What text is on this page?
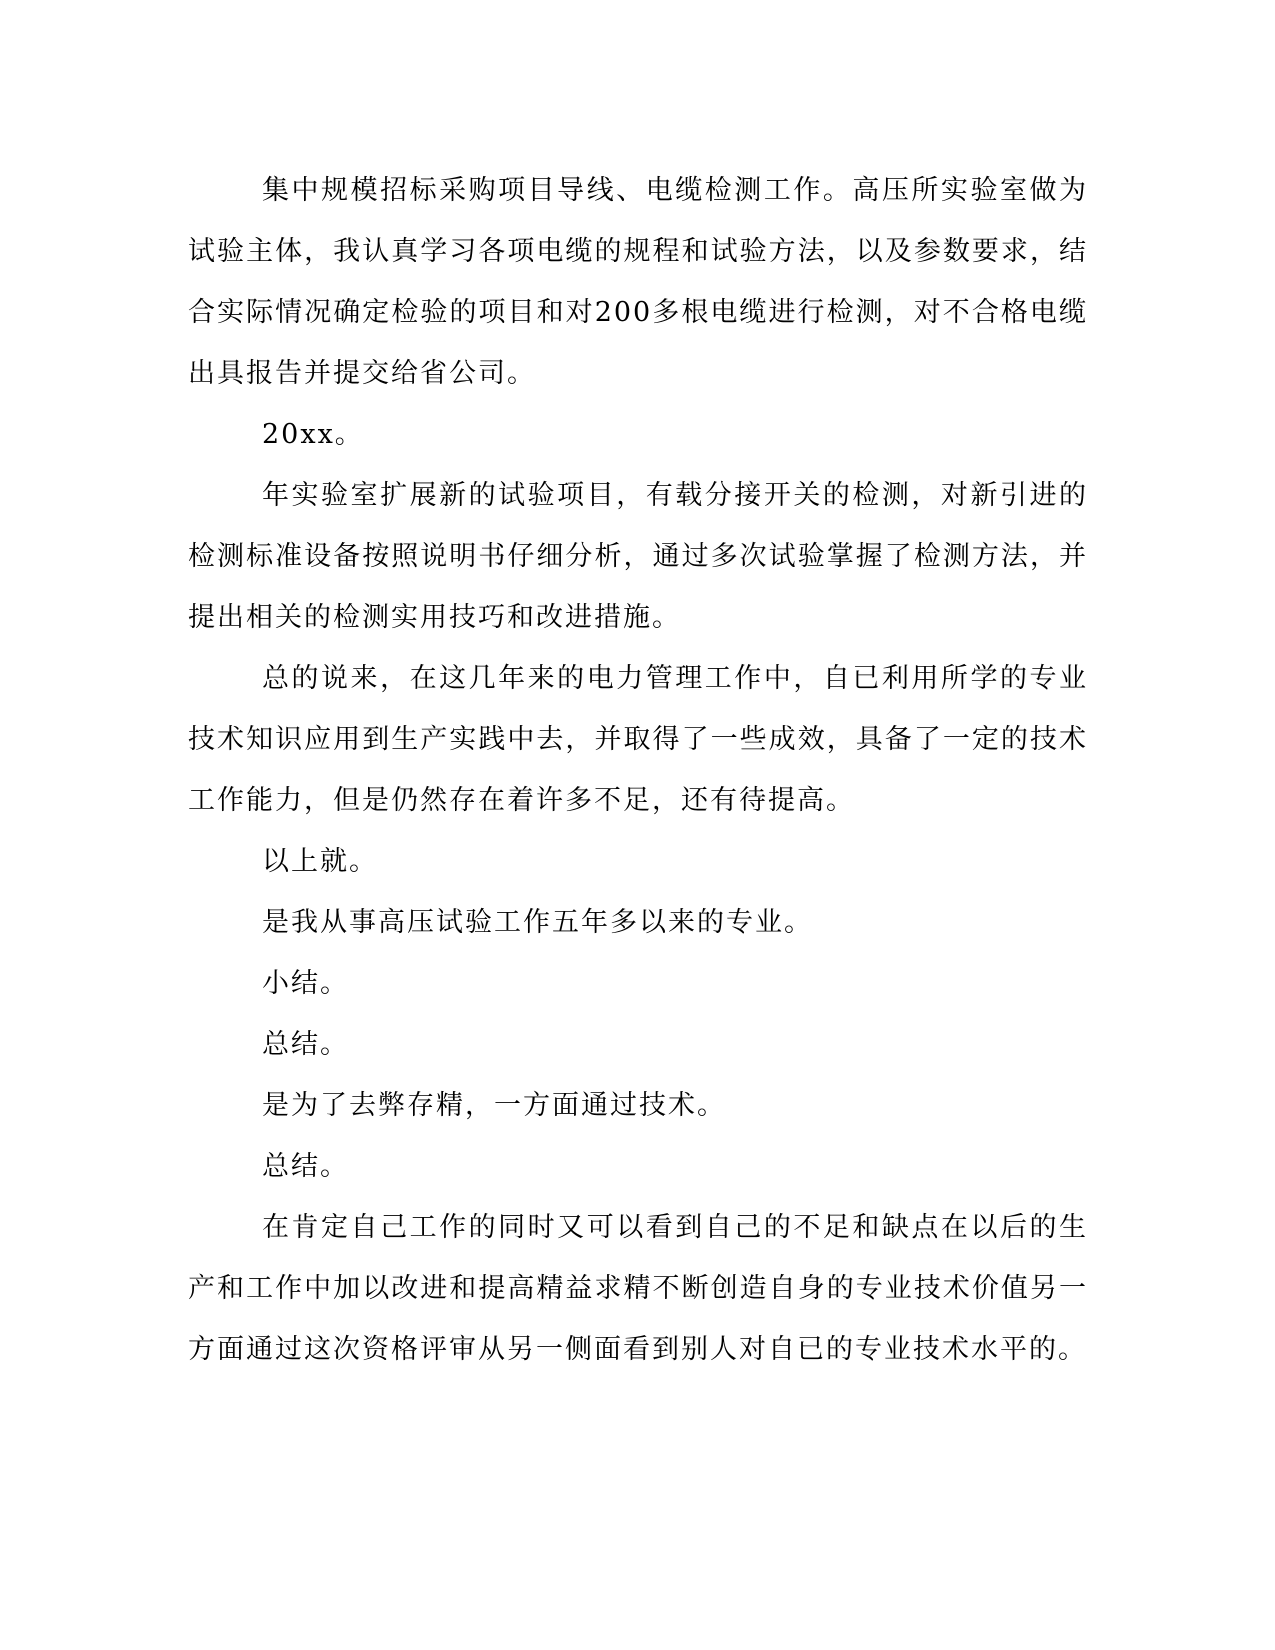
集中规模招标采购项目导线、电缆检测工作。高压所实验室做为试验主体，我认真学习各项电缆的规程和试验方法，以及参数要求，结合实际情况确定检验的项目和对200多根电缆进行检测，对不合格电缆出具报告并提交给省公司。

20xx。

年实验室扩展新的试验项目，有载分接开关的检测，对新引进的检测标准设备按照说明书仔细分析，通过多次试验掌握了检测方法，并提出相关的检测实用技巧和改进措施。

总的说来，在这几年来的电力管理工作中，自已利用所学的专业技术知识应用到生产实践中去，并取得了一些成效，具备了一定的技术工作能力，但是仍然存在着许多不足，还有待提高。

以上就。

是我从事高压试验工作五年多以来的专业。

小结。

总结。

是为了去弊存精，一方面通过技术。

总结。

在肯定自己工作的同时又可以看到自己的不足和缺点在以后的生产和工作中加以改进和提高精益求精不断创造自身的专业技术价值另一方面通过这次资格评审从另一侧面看到别人对自已的专业技术水平的。
